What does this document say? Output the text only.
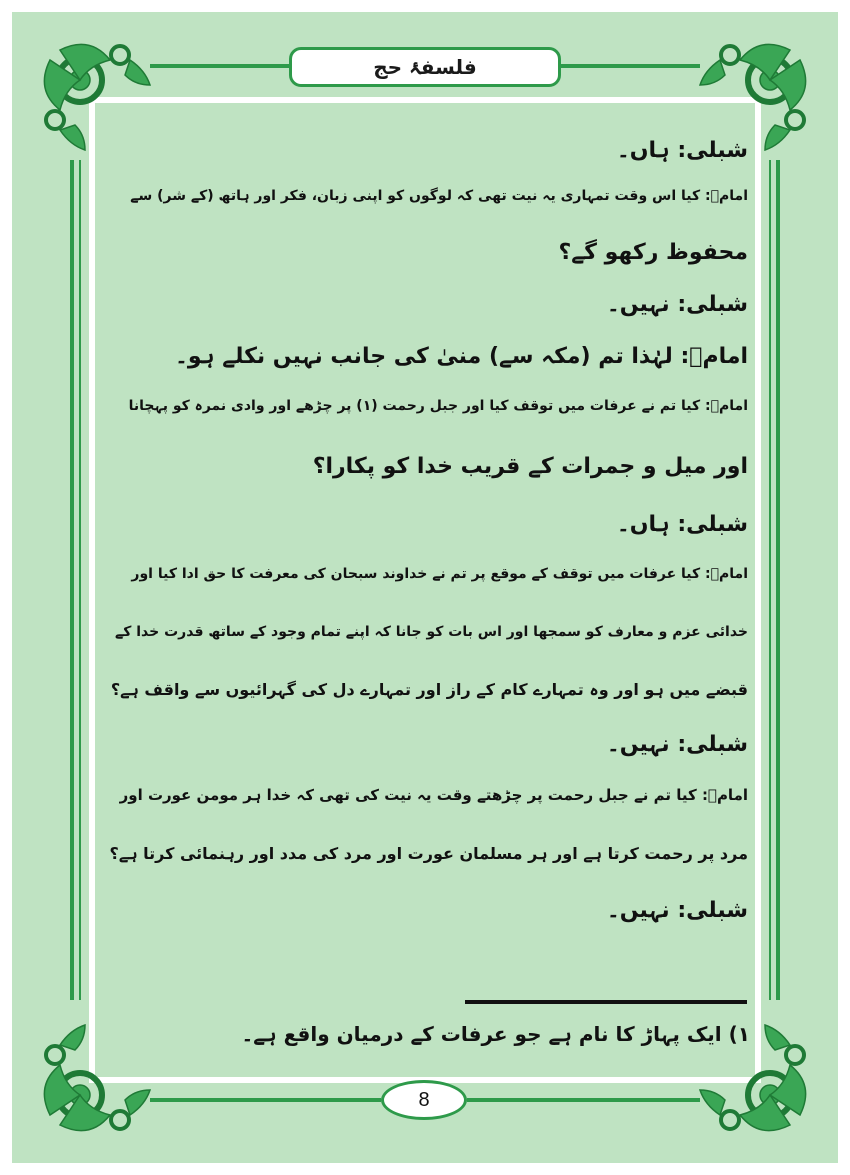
فلسفۂ حج
شبلی: ہاں۔
امامؑ: کیا اس وقت تمہاری یہ نیت تھی کہ لوگوں کو اپنی زبان، فکر اور ہاتھ (کے شر) سے
محفوظ رکھو گے؟
شبلی: نہیں۔
امامؑ: لہٰذا تم (مکہ سے) منیٰ کی جانب نہیں نکلے ہو۔
امامؑ: کیا تم نے عرفات میں توقف کیا اور جبل رحمت (۱) پر چڑھے اور وادی نمرہ کو پہچانا
اور میل و جمرات کے قریب خدا کو پکارا؟
شبلی: ہاں۔
امامؑ: کیا عرفات میں توقف کے موقع پر تم نے خداوند سبحان کی معرفت کا حق ادا کیا اور
خدائی عزم و معارف کو سمجھا اور اس بات کو جانا کہ اپنے تمام وجود کے ساتھ قدرت خدا کے
قبضے میں ہو اور وہ تمہارے کام کے راز اور تمہارے دل کی گہرائیوں سے واقف ہے؟
شبلی: نہیں۔
امامؑ: کیا تم نے جبل رحمت پر چڑھتے وقت یہ نیت کی تھی کہ خدا ہر مومن عورت اور
مرد پر رحمت کرتا ہے اور ہر مسلمان عورت اور مرد کی مدد اور رہنمائی کرتا ہے؟
شبلی: نہیں۔
۱) ایک پہاڑ کا نام ہے جو عرفات کے درمیان واقع ہے۔
8
